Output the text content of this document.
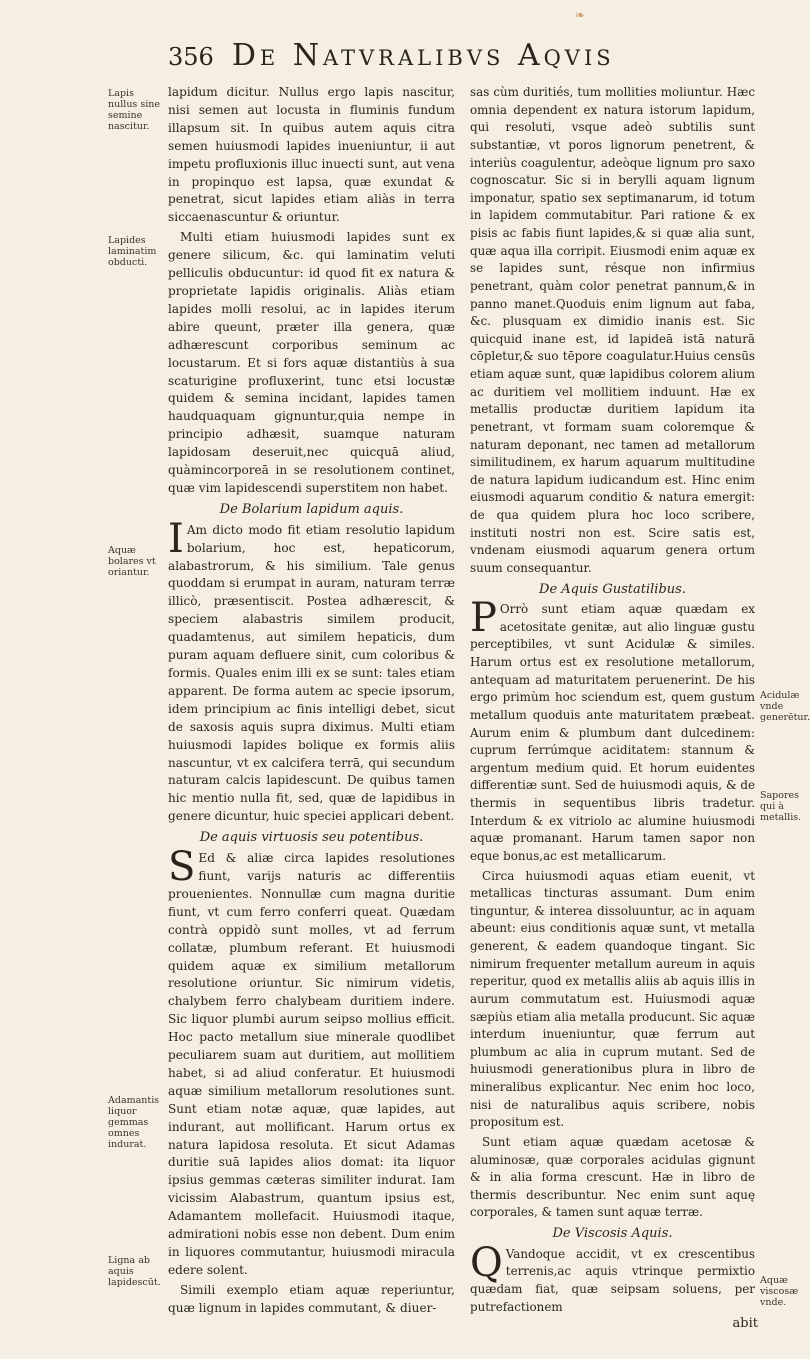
❧
356 De Natvralibvs Aqvis
Lapis nullus sine semine nascitur.
Lapides laminatim obducti.
Aquæ bolares vt oriantur.
Adamantis liquor gemmas omnes indurat.
Ligna ab aquis lapidescūt.
Acidulæ vnde generētur.
Sapores qui à metallis.
Aquæ viscosæ vnde.

lapidum dicitur. Nullus ergo lapis nascitur, nisi semen aut locusta in fluminis fundum illapsum sit. In quibus autem aquis citra semen huiusmodi lapides inueniuntur, ii aut impetu profluxionis illuc inuecti sunt, aut vena in propinquo est lapsa, quæ exundat & penetrat, sicut lapides etiam aliàs in terra siccaenascuntur & oriuntur.

Multi etiam huiusmodi lapides sunt ex genere silicum, &c. qui laminatim veluti pelliculis obducuntur: id quod fit ex natura & proprietate lapidis originalis. Aliàs etiam lapides molli resolui, ac in lapides iterum abire queunt, præter illa genera, quæ adhærescunt corporibus seminum ac locustarum. Et si fors aquæ distantiùs à sua scaturigine profluxerint, tunc etsi locustæ quidem & semina incidant, lapides tamen haudquaquam gignuntur,quia nempe in principio adhæsit, suamque naturam lapidosam deseruit,nec quicquā aliud, quàmincorporeā in se resolutionem continet, quæ vim lapidescendi superstitem non habet.

De Bolarium lapidum aquis.

IAm dicto modo fit etiam resolutio lapidum bolarium, hoc est, hepaticorum, alabastrorum, & his similium. Tale genus quoddam si erumpat in auram, naturam terræ illicò, præsentiscit. Postea adhærescit, & speciem alabastris similem producit, quadamtenus, aut similem hepaticis, dum puram aquam defluere sinit, cum coloribus & formis. Quales enim illi ex se sunt: tales etiam apparent. De forma autem ac specie ipsorum, idem principium ac finis intelligi debet, sicut de saxosis aquis supra diximus. Multi etiam huiusmodi lapides bolique ex formis aliis nascuntur, vt ex calcifera terrā, qui secundum naturam calcis lapidescunt. De quibus tamen hic mentio nulla fit, sed, quæ de lapidibus in genere dicuntur, huic speciei applicari debent.

De aquis virtuosis seu potentibus.

SEd & aliæ circa lapides resolutiones fiunt, varijs naturis ac differentiis prouenientes. Nonnullæ cum magna duritie fiunt, vt cum ferro conferri queat. Quædam contrà oppidò sunt molles, vt ad ferrum collatæ, plumbum referant. Et huiusmodi quidem aquæ ex similium metallorum resolutione oriuntur. Sic nimirum videtis, chalybem ferro chalybeam duritiem indere. Sic liquor plumbi aurum seipso mollius efficit. Hoc pacto metallum siue minerale quodlibet peculiarem suam aut duritiem, aut mollitiem habet, si ad aliud conferatur. Et huiusmodi aquæ similium metallorum resolutiones sunt. Sunt etiam notæ aquæ, quæ lapides, aut indurant, aut mollificant. Harum ortus ex natura lapidosa resoluta. Et sicut Adamas duritie suā lapides alios domat: ita liquor ipsius gemmas cæteras similiter indurat. Iam vicissim Alabastrum, quantum ipsius est, Adamantem mollefacit. Huiusmodi itaque, admirationi nobis esse non debent. Dum enim in liquores commutantur, huiusmodi miracula edere solent.

Simili exemplo etiam aquæ reperiuntur, quæ lignum in lapides commutant, & diuer-

sas cùm duritiés, tum mollities moliuntur. Hæc omnia dependent ex natura istorum lapidum, qui resoluti, vsque adeò subtilis sunt substantiæ, vt poros lignorum penetrent, & interiùs coagulentur, adeòque lignum pro saxo cognoscatur. Sic si in berylli aquam lignum imponatur, spatio sex septimanarum, id totum in lapidem commutabitur. Pari ratione & ex pisis ac fabis fiunt lapides,& si quæ alia sunt, quæ aqua illa corripit. Eiusmodi enim aquæ ex se lapides sunt, résque non infirmius penetrant, quàm color penetrat pannum,& in panno manet.Quoduis enim lignum aut faba, &c. plusquam ex dimidio inanis est. Sic quicquid inane est, id lapideā istā naturā cōpletur,& suo tēpore coagulatur.Huius censūs etiam aquæ sunt, quæ lapidibus colorem alium ac duritiem vel mollitiem induunt. Hæ ex metallis productæ duritiem lapidum ita penetrant, vt formam suam coloremque & naturam deponant, nec tamen ad metallorum similitudinem, ex harum aquarum multitudine de natura lapidum iudicandum est. Hinc enim eiusmodi aquarum conditio & natura emergit: de qua quidem plura hoc loco scribere, instituti nostri non est. Scire satis est, vndenam eiusmodi aquarum genera ortum suum consequantur.

De Aquis Gustatilibus.

POrrò sunt etiam aquæ quædam ex acetositate genitæ, aut alio linguæ gustu perceptibiles, vt sunt Acidulæ & similes. Harum ortus est ex resolutione metallorum, antequam ad maturitatem peruenerint. De his ergo primùm hoc sciendum est, quem gustum metallum quoduis ante maturitatem præbeat. Aurum enim & plumbum dant dulcedinem: cuprum ferrúmque aciditatem: stannum & argentum medium quid. Et horum euidentes differentiæ sunt. Sed de huiusmodi aquis, & de thermis in sequentibus libris tradetur. Interdum & ex vitriolo ac alumine huiusmodi aquæ promanant. Harum tamen sapor non eque bonus,ac est metallicarum.

Circa huiusmodi aquas etiam euenit, vt metallicas tincturas assumant. Dum enim tinguntur, & interea dissoluuntur, ac in aquam abeunt: eius conditionis aquæ sunt, vt metalla generent, & eadem quandoque tingant. Sic nimirum frequenter metallum aureum in aquis reperitur, quod ex metallis aliis ab aquis illis in aurum commutatum est. Huiusmodi aquæ sæpiùs etiam alia metalla producunt. Sic aquæ interdum inueniuntur, quæ ferrum aut plumbum ac alia in cuprum mutant. Sed de huiusmodi generationibus plura in libro de mineralibus explicantur. Nec enim hoc loco, nisi de naturalibus aquis scribere, nobis propositum est.

Sunt etiam aquæ quædam acetosæ & aluminosæ, quæ corporales acidulas gignunt & in alia forma crescunt. Hæ in libro de thermis describuntur. Nec enim sunt aquę corporales, & tamen sunt aquæ terræ.

De Viscosis Aquis.

QVandoque accidit, vt ex crescentibus terrenis,ac aquis vtrinque permixtio quædam fiat, quæ seipsam soluens, per putrefactionem

abit
